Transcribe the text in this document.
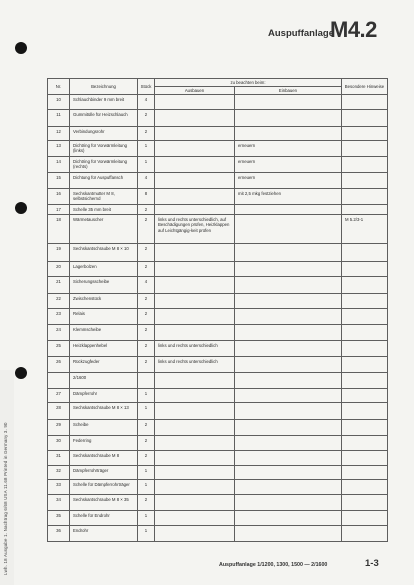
Lwh. 18 Ausgabe 1. Nachtrag 6/68 USA 11.68 Printed in Germany 3. 90
Auspuffanlage
M4.2
Nr.	Bezeichnung	Stück	zu beachten beim:		Besondere Hinweise
			Ausbauen	Einbauen	
10	Schlauchbinder 9 mm breit	4			
11	Gummitülle für Heizschlauch	2			
12	Verbindungsrohr	2			
13	Dichtring für Vorwärmleitung (links)	1		erneuern	
14	Dichtring für Vorwärmleitung (rechts)	1		erneuern	
15	Dichtung für Auspuffansch	4		erneuern	
16	Sechskantmutter M 8, selbstsichernd	8		mit 2,5 mkg festziehen	
17	Schelle 35 mm breit	2			
18	Wärmetauscher	2	links und rechts unterschiedlich, auf Beschädigungen prüfen, Heizklappen auf Leichtgängig-keit prüfen		M 5.2/3-1
19	Sechskantschraube M 8 × 10	2			
20	Lagerbolzen	2			
21	Sicherungsscheibe	4			
22	Zwischenstück	2			
23	Relais	2			
24	Klemmscheibe	2			
25	Heizklappenhebel	2	links und rechts unterschiedlich		
26	Rückzugfeder	2	links und rechts unterschiedlich		
	2/1600				
27	Dämpferrohr	1			
28	Sechskantschraube M 8 × 13	1			
29	Scheibe	2			
30	Federring	2			
31	Sechskantschraube M 8	2			
32	Dämpferrohrträger	1			
33	Schelle für Dämpferrohrträger	1			
34	Sechskantschraube M 8 × 35	2			
35	Schelle für Endrohr	1			
36	Endrohr	1			
Auspuffanlage 1/1200, 1300, 1500 — 2/1600	1-3
